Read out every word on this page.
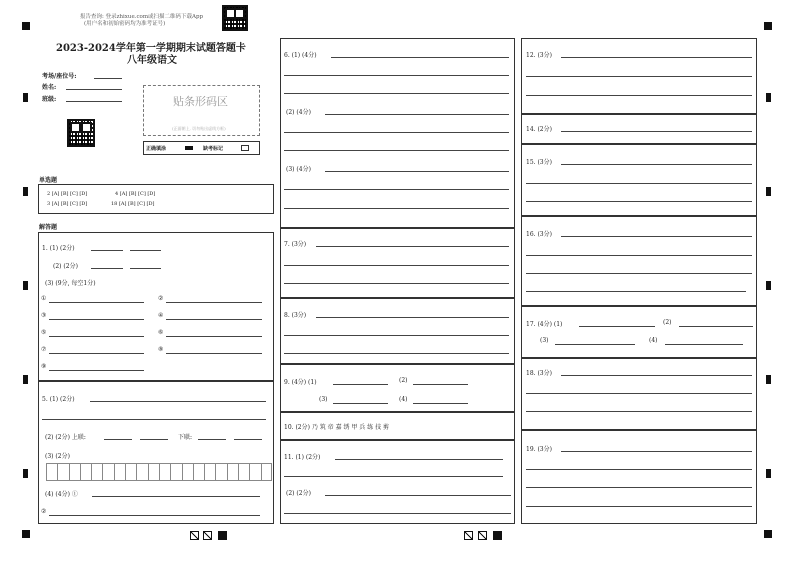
报告查询: 登录zhixue.com或扫描二维码下载App
(用户名和初始密码均为准考证号)
2023-2024学年第一学期期末试题答题卡
八年级语文
考场/座位号:
姓名:
班级:	贴条形码区
(正面朝上, 切勿贴出虚线方框)
正确填涂	缺考标记
单选题
2 [A] [B] [C] [D]	4 [A] [B] [C] [D]
3 [A] [B] [C] [D]	18 [A] [B] [C] [D]
解答题
1. (1) (2分)
(2) (2分)
(3) (9分, 每空1分)
①	②
③	④
⑤	⑥
⑦	⑧
⑨
5. (1) (2分)
(2) (2分) 上联:	下联:
(3) (2分)
(4) (4分) ①
②
6. (1) (4分)
(2) (4分)
(3) (4分)
7. (3分)
8. (3分)
9. (4分) (1)	(2)
(3)	(4)
10. (2分) 乃 筑 帝 嘉 绣 甲 兵 练 技 剪
11. (1) (2分)
(2) (2分)
12. (3分)
14. (2分)
15. (3分)
16. (3分)
17. (4分) (1)	(2)
(3)	(4)
18. (3分)
19. (3分)
